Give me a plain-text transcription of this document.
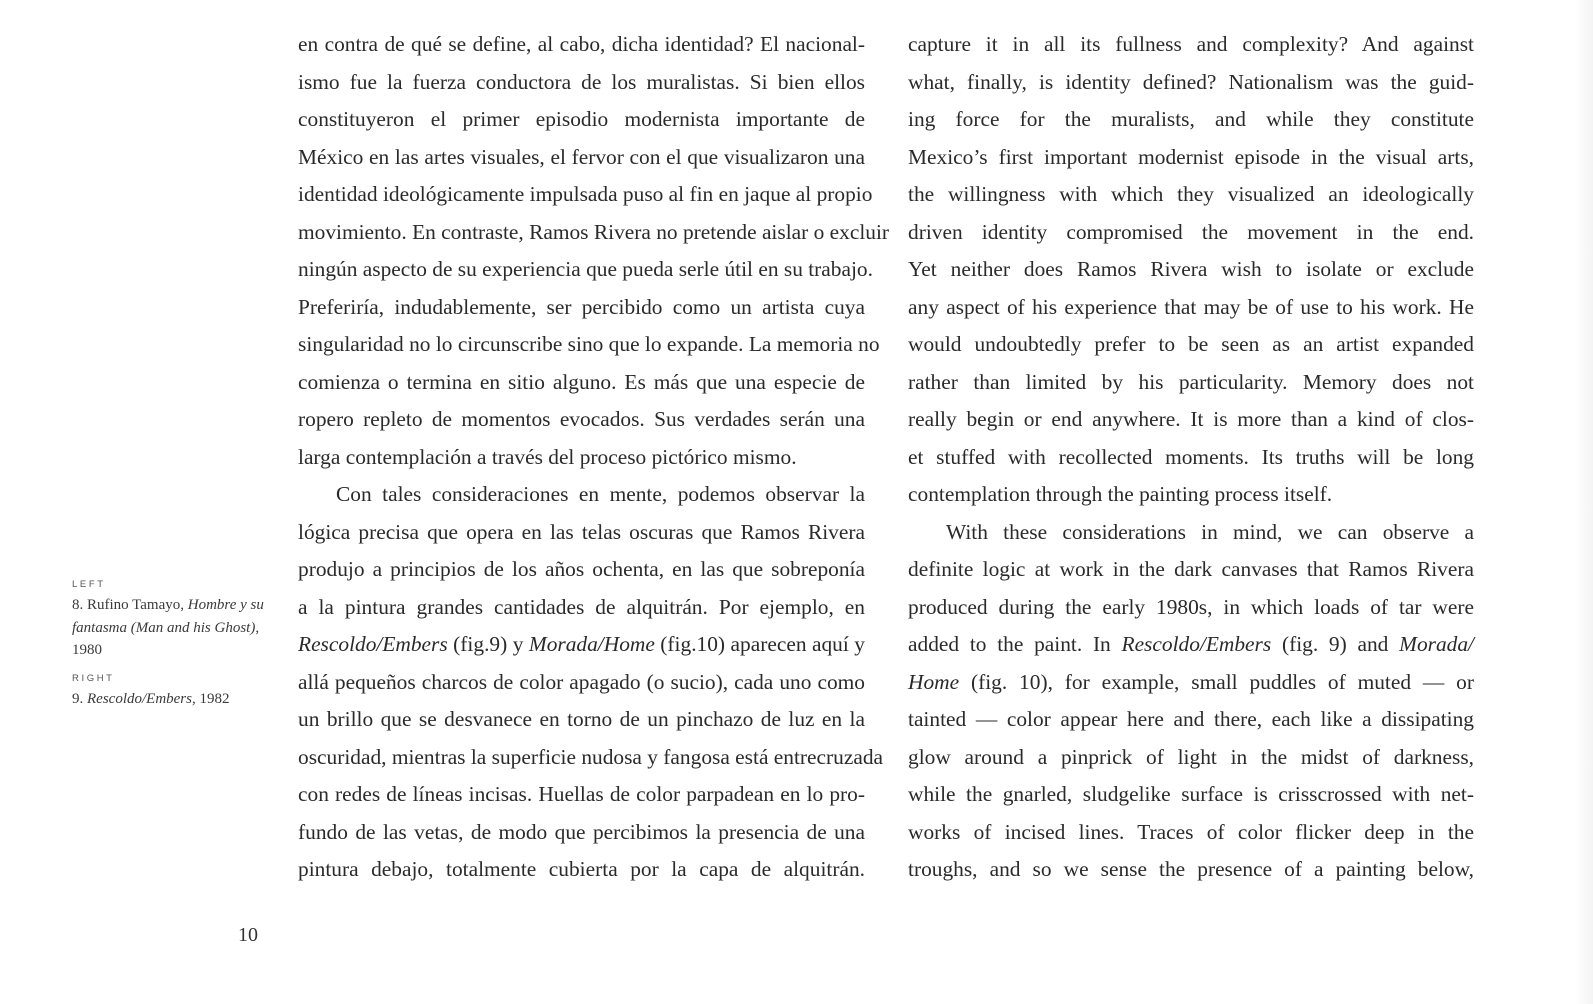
LEFT
8. Rufino Tamayo, Hombre y su fantasma (Man and his Ghost), 1980
RIGHT
9. Rescoldo/Embers, 1982
en contra de qué se define, al cabo, dicha identidad? El nacional-
ismo fue la fuerza conductora de los muralistas. Si bien ellos
constituyeron el primer episodio modernista importante de
México en las artes visuales, el fervor con el que visualizaron una
identidad ideológicamente impulsada puso al fin en jaque al propio
movimiento. En contraste, Ramos Rivera no pretende aislar o excluir
ningún aspecto de su experiencia que pueda serle útil en su trabajo.
Preferiría, indudablemente, ser percibido como un artista cuya
singularidad no lo circunscribe sino que lo expande. La memoria no
comienza o termina en sitio alguno. Es más que una especie de
ropero repleto de momentos evocados. Sus verdades serán una
larga contemplación a través del proceso pictórico mismo.
Con tales consideraciones en mente, podemos observar la
lógica precisa que opera en las telas oscuras que Ramos Rivera
produjo a principios de los años ochenta, en las que sobreponía
a la pintura grandes cantidades de alquitrán. Por ejemplo, en
Rescoldo/Embers (fig.9) y Morada/Home (fig.10) aparecen aquí y
allá pequeños charcos de color apagado (o sucio), cada uno como
un brillo que se desvanece en torno de un pinchazo de luz en la
oscuridad, mientras la superficie nudosa y fangosa está entrecruzada
con redes de líneas incisas. Huellas de color parpadean en lo pro-
fundo de las vetas, de modo que percibimos la presencia de una
pintura debajo, totalmente cubierta por la capa de alquitrán.
capture it in all its fullness and complexity? And against
what, finally, is identity defined? Nationalism was the guid-
ing force for the muralists, and while they constitute
Mexico’s first important modernist episode in the visual arts,
the willingness with which they visualized an ideologically
driven identity compromised the movement in the end.
Yet neither does Ramos Rivera wish to isolate or exclude
any aspect of his experience that may be of use to his work. He
would undoubtedly prefer to be seen as an artist expanded
rather than limited by his particularity. Memory does not
really begin or end anywhere. It is more than a kind of clos-
et stuffed with recollected moments. Its truths will be long
contemplation through the painting process itself.
With these considerations in mind, we can observe a
definite logic at work in the dark canvases that Ramos Rivera
produced during the early 1980s, in which loads of tar were
added to the paint. In Rescoldo/Embers (fig. 9) and Morada/
Home (fig. 10), for example, small puddles of muted — or
tainted — color appear here and there, each like a dissipating
glow around a pinprick of light in the midst of darkness,
while the gnarled, sludgelike surface is crisscrossed with net-
works of incised lines. Traces of color flicker deep in the
troughs, and so we sense the presence of a painting below,
10
